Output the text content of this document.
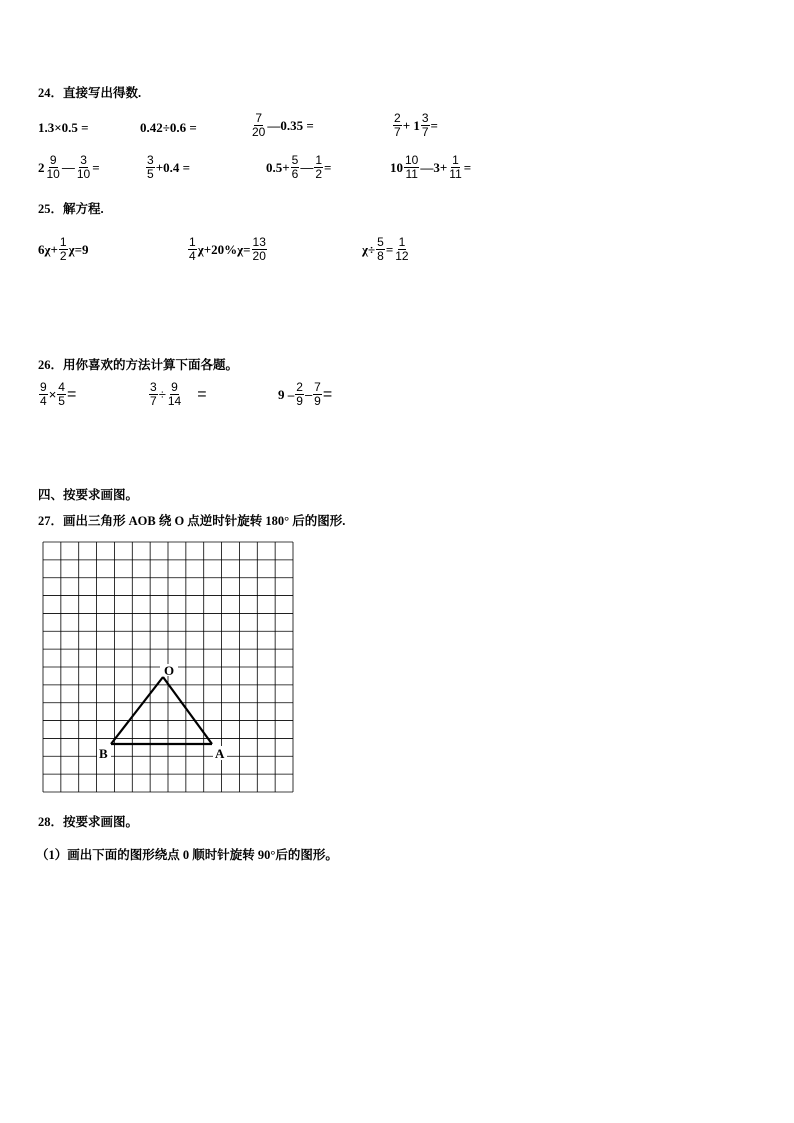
24．直接写出得数.
1.3×0.5 =	0.42÷0.6 =	$\frac{7}{20}$ —0.35 =	$\frac{2}{7} + 1 \frac{3}{7}$ =
$2 \frac{9}{10}$ — $\frac{3}{10}$ =	$\frac{3}{5} +0.4$ =	$0.5+ \frac{5}{6}$ — $\frac{1}{2}$ =	$10 \frac{10}{11}$ —3+ $\frac{1}{11}$ =
25．解方程.
$6\chi+ \frac{1}{2} \chi=9$	$\frac{1}{4} \chi+20\%\chi= \frac{13}{20}$	$\chi\div \frac{5}{8} = \frac{1}{12}$
26．用你喜欢的方法计算下面各题。
$\frac{9}{4} \times \frac{4}{5}$ =	$\frac{3}{7} \div \frac{9}{14}$ =	$9 - \frac{2}{9} - \frac{7}{9}$ =
四、按要求画图。
27．画出三角形 AOB 绕 O 点逆时针旋转 180° 后的图形.
O
B	A
28．按要求画图。
（1）画出下面的图形绕点 0 顺时针旋转 90°后的图形。
